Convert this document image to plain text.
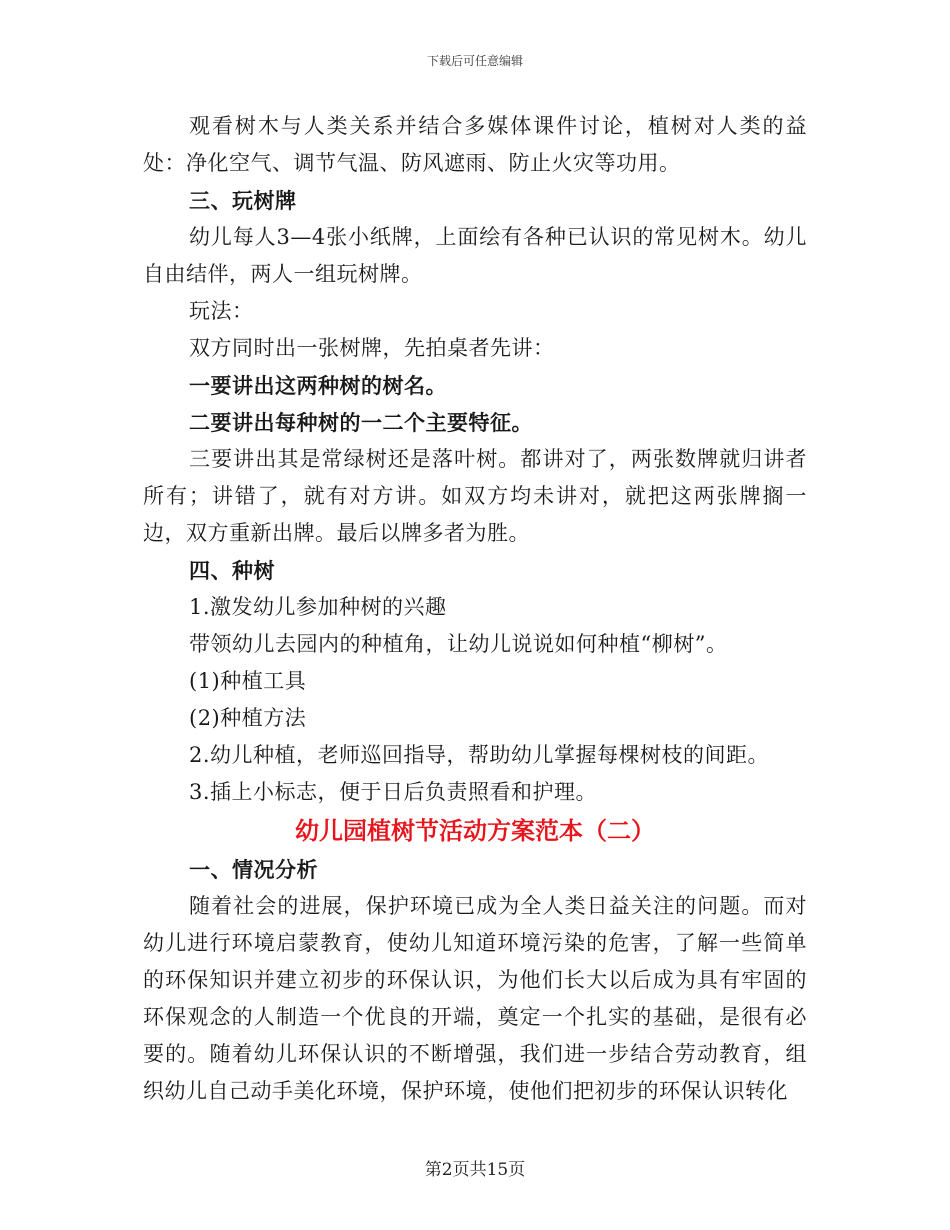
下载后可任意编辑

观看树木与人类关系并结合多媒体课件讨论，植树对人类的益处：净化空气、调节气温、防风遮雨、防止火灾等功用。

三、玩树牌

幼儿每人3—4张小纸牌，上面绘有各种已认识的常见树木。幼儿自由结伴，两人一组玩树牌。

玩法：

双方同时出一张树牌，先拍桌者先讲：

一要讲出这两种树的树名。

二要讲出每种树的一二个主要特征。

三要讲出其是常绿树还是落叶树。都讲对了，两张数牌就归讲者所有；讲错了，就有对方讲。如双方均未讲对，就把这两张牌搁一边，双方重新出牌。最后以牌多者为胜。

四、种树

1.激发幼儿参加种树的兴趣

带领幼儿去园内的种植角，让幼儿说说如何种植“柳树”。

(1)种植工具

(2)种植方法

2.幼儿种植，老师巡回指导，帮助幼儿掌握每棵树枝的间距。

3.插上小标志，便于日后负责照看和护理。

幼儿园植树节活动方案范本（二）

一、情况分析

随着社会的进展，保护环境已成为全人类日益关注的问题。而对幼儿进行环境启蒙教育，使幼儿知道环境污染的危害，了解一些简单的环保知识并建立初步的环保认识，为他们长大以后成为具有牢固的环保观念的人制造一个优良的开端，奠定一个扎实的基础，是很有必要的。随着幼儿环保认识的不断增强，我们进一步结合劳动教育，组织幼儿自己动手美化环境，保护环境，使他们把初步的环保认识转化

第2页共15页
